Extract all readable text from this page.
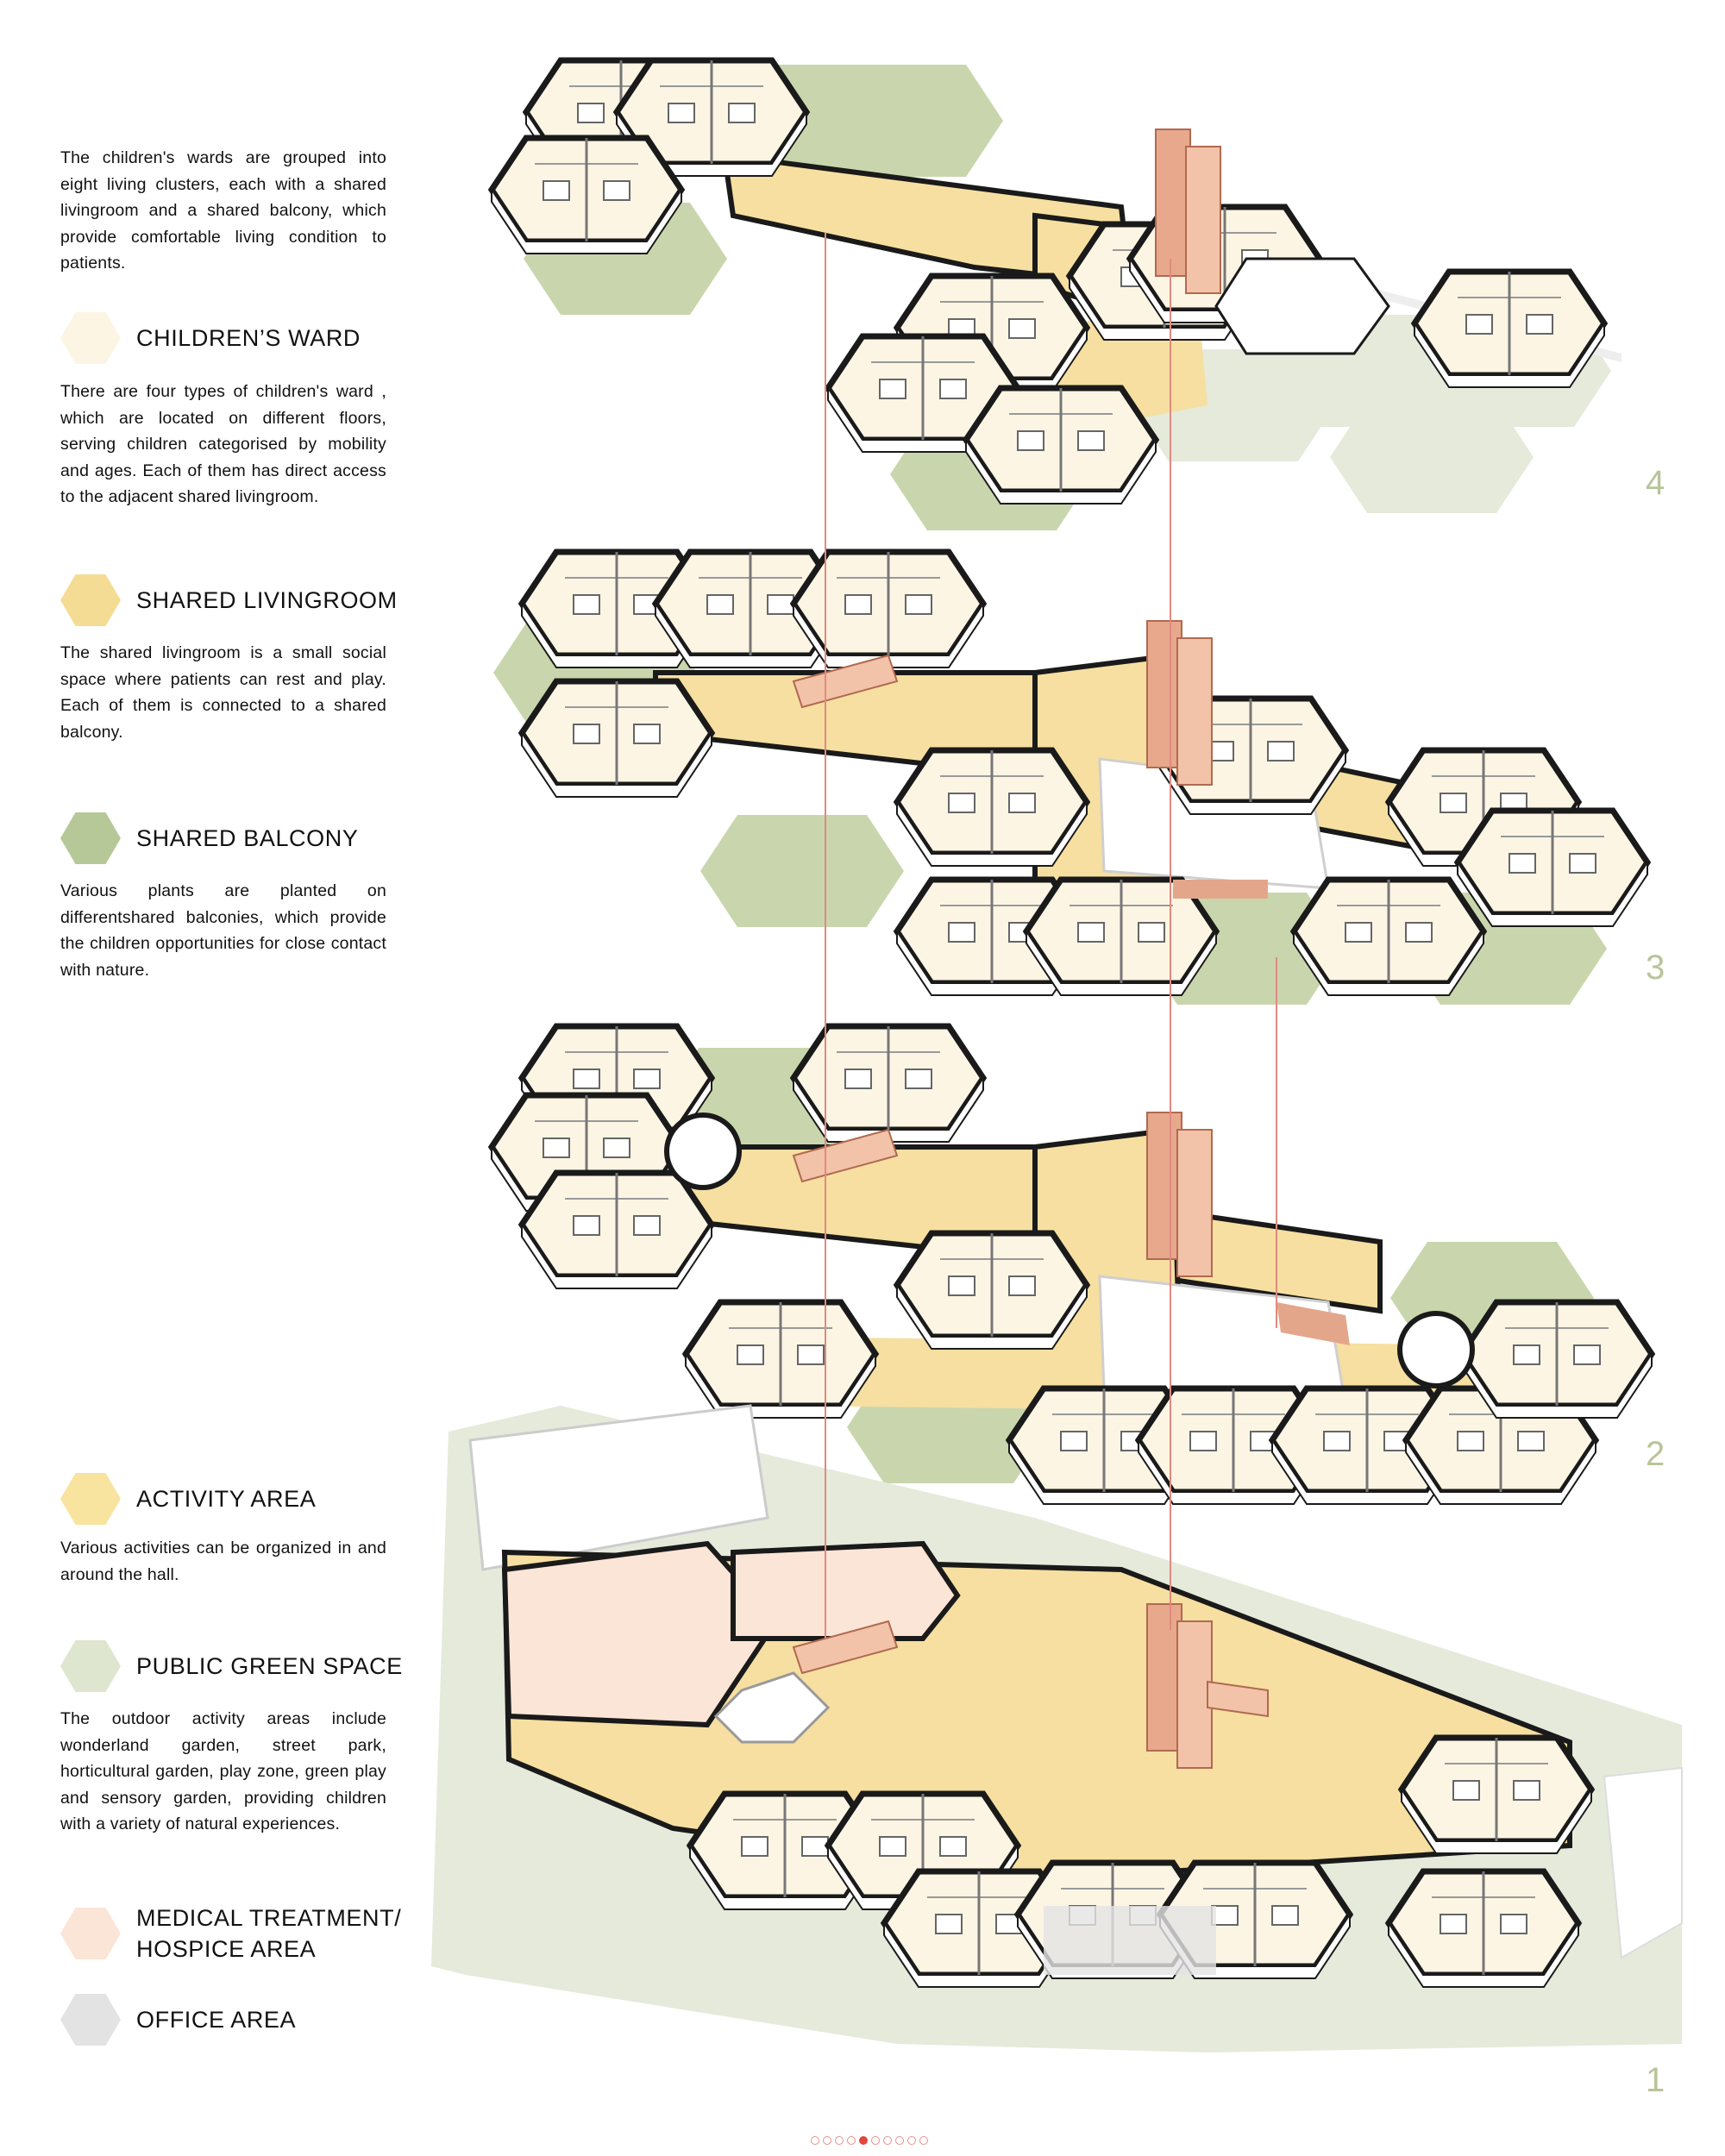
The children's wards are grouped into eight living clusters, each with a shared livingroom and a shared balcony, which provide comfortable living condition to patients.

CHILDREN’S WARD

There are four types of children's ward , which are located on different floors, serving children categorised by mobility and ages. Each of them has direct access to the adjacent shared livingroom.

SHARED LIVINGROOM

The shared livingroom is a small social space where patients can rest and play. Each of them is connected to a shared balcony.

SHARED BALCONY

Various plants are planted on differentshared balconies, which provide the children opportunities for close contact with nature.

ACTIVITY AREA

Various activities can be organized in and around the hall.

PUBLIC GREEN SPACE

The outdoor activity areas include wonderland garden, street park, horticultural garden, play zone, green play and sensory garden, providing children with a variety of natural experiences.

MEDICAL TREATMENT/
HOSPICE AREA
OFFICE AREA
4
3
2
1
